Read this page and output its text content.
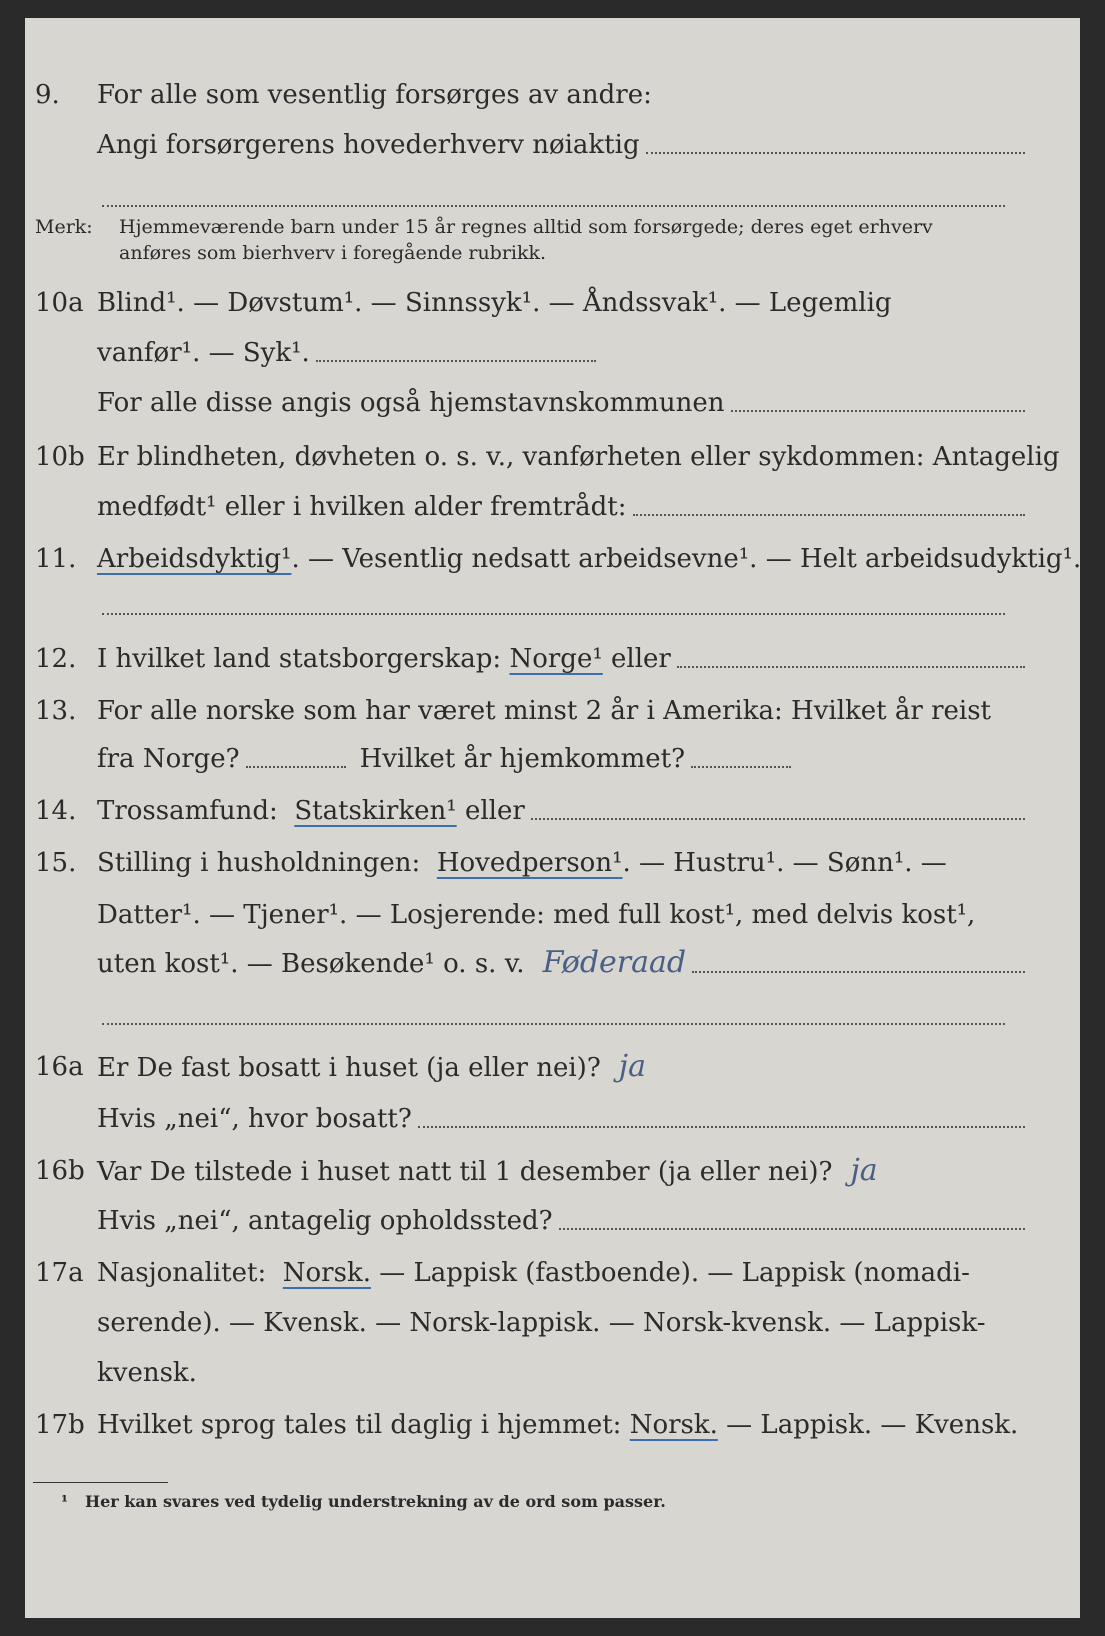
9. For alle som vesentlig forsørges av andre:
Angi forsørgerens hovederhverv nøiaktig
Merk: Hjemmeværende barn under 15 år regnes alltid som forsørgede; deres eget erhverv
anføres som bierhverv i foregående rubrikk.
10a Blind¹. — Døvstum¹. — Sinnssyk¹. — Åndssvak¹. — Legemlig
vanfør¹. — Syk¹.
For alle disse angis også hjemstavnskommunen
10b Er blindheten, døvheten o. s. v., vanførheten eller sykdommen: Antagelig
medfødt¹ eller i hvilken alder fremtrådt:
11. Arbeidsdyktig¹ . — Vesentlig nedsatt arbeidsevne¹. — Helt arbeidsudyktig¹.
12. I hvilket land statsborgerskap:
Norge¹
eller
13. For alle norske som har været minst 2 år i Amerika: Hvilket år reist
fra Norge?	Hvilket år hjemkommet?
14. Trossamfund:
Statskirken¹
eller
15. Stilling i husholdningen:
Hovedperson¹ . — Hustru¹. — Sønn¹. —
Datter¹. — Tjener¹. — Losjerende: med full kost¹, med delvis kost¹,
uten kost¹. — Besøkende¹ o. s. v. Føderaad
16a Er De fast bosatt i huset (ja eller nei)? ja
Hvis „nei“, hvor bosatt?
16b Var De tilstede i huset natt til 1 desember (ja eller nei)? ja
Hvis „nei“, antagelig opholdssted?
17a Nasjonalitet:
Norsk.
— Lappisk (fastboende). — Lappisk (nomadi-
serende). — Kvensk. — Norsk-lappisk. — Norsk-kvensk. — Lappisk-
kvensk.
17b Hvilket sprog tales til daglig i hjemmet:
Norsk.
— Lappisk. — Kvensk.
¹ Her kan svares ved tydelig understrekning av de ord som passer.
